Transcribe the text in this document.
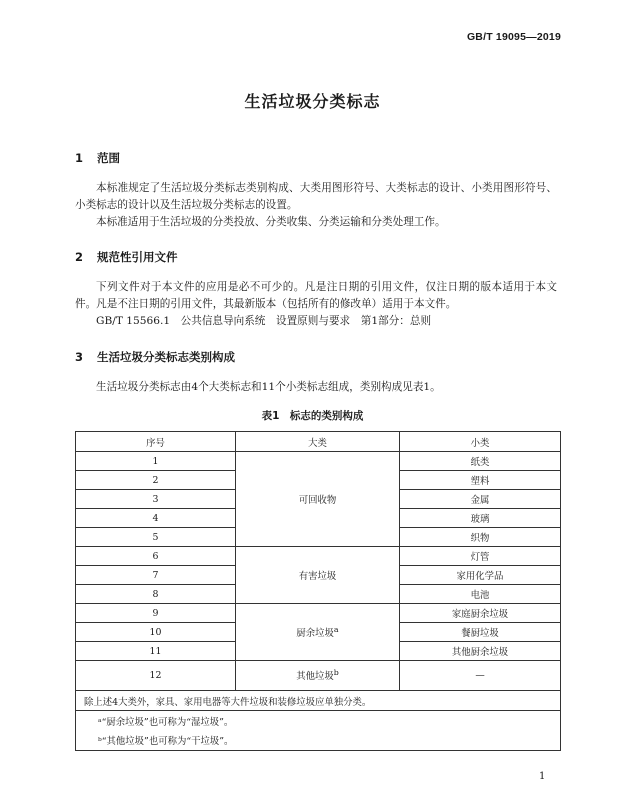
GB/T 19095—2019
生活垃圾分类标志
1 范围
本标准规定了生活垃圾分类标志类别构成、大类用图形符号、大类标志的设计、小类用图形符号、小类标志的设计以及生活垃圾分类标志的设置。
本标准适用于生活垃圾的分类投放、分类收集、分类运输和分类处理工作。
2 规范性引用文件
下列文件对于本文件的应用是必不可少的。凡是注日期的引用文件，仅注日期的版本适用于本文件。凡是不注日期的引用文件，其最新版本（包括所有的修改单）适用于本文件。
GB/T 15566.1　公共信息导向系统　设置原则与要求　第1部分：总则
3 生活垃圾分类标志类别构成
生活垃圾分类标志由4个大类标志和11个小类标志组成，类别构成见表1。
表1　标志的类别构成
序号	大类	小类
1	可回收物	纸类
2		塑料
3		金属
4		玻璃
5		织物
6	有害垃圾	灯管
7		家用化学品
8		电池
9	厨余垃圾$^a$	家庭厨余垃圾
10		餐厨垃圾
11		其他厨余垃圾
12	其他垃圾$^b$	—
除上述4大类外，家具、家用电器等大件垃圾和装修垃圾应单独分类。		
ᵃ“厨余垃圾”也可称为“湿垃圾”。		
ᵇ“其他垃圾”也可称为“干垃圾”。		
1
